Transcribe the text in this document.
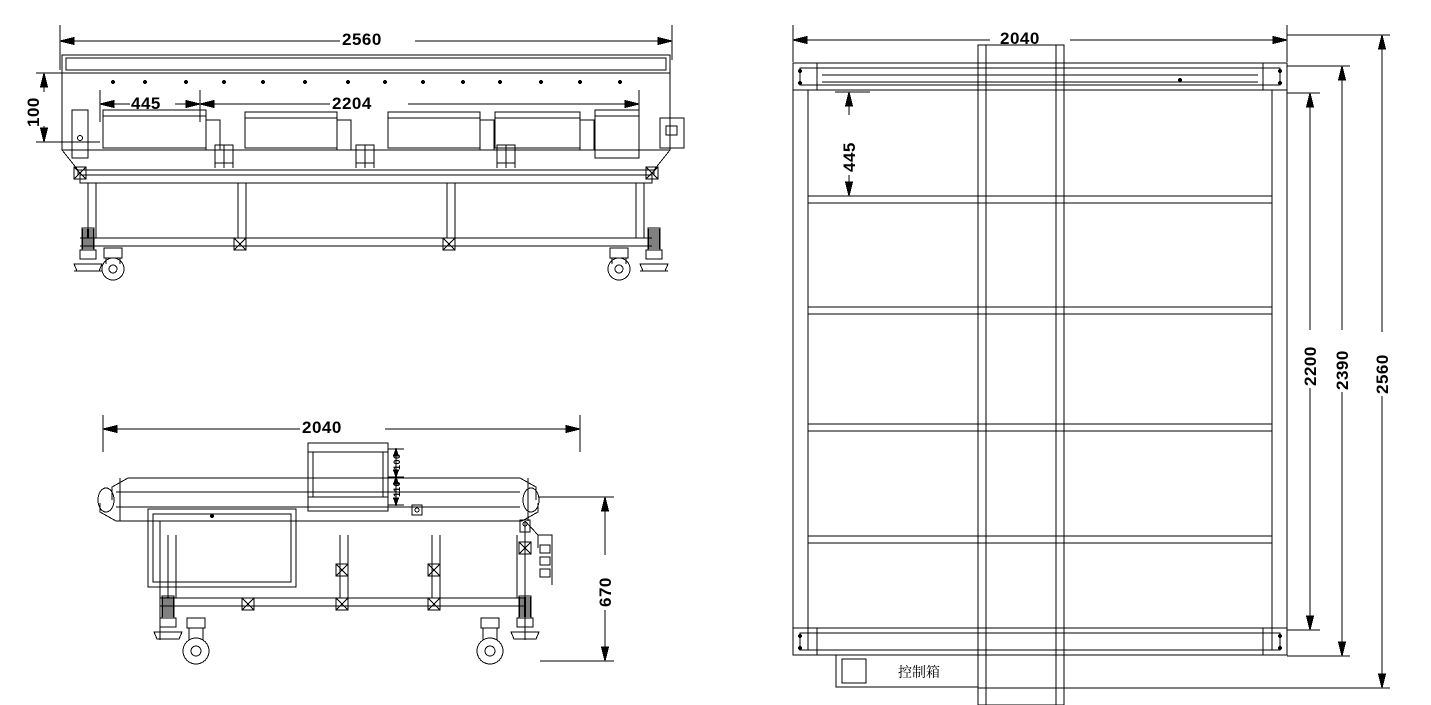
2560
100	445	2204
2040
670
100
110
2040
445
2200 2390 2560
控制箱
